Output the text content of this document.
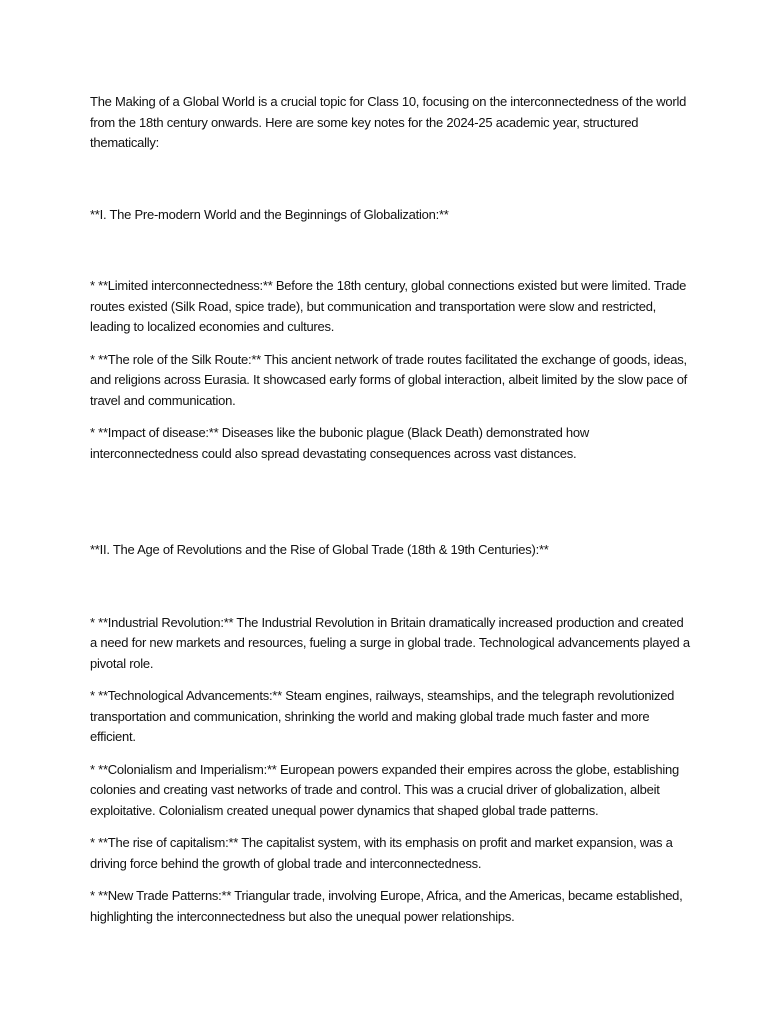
The Making of a Global World is a crucial topic for Class 10, focusing on the interconnectedness of the world from the 18th century onwards. Here are some key notes for the 2024-25 academic year, structured thematically:

**I. The Pre-modern World and the Beginnings of Globalization:**

* **Limited interconnectedness:** Before the 18th century, global connections existed but were limited. Trade routes existed (Silk Road, spice trade), but communication and transportation were slow and restricted, leading to localized economies and cultures.

* **The role of the Silk Route:** This ancient network of trade routes facilitated the exchange of goods, ideas, and religions across Eurasia. It showcased early forms of global interaction, albeit limited by the slow pace of travel and communication.

* **Impact of disease:** Diseases like the bubonic plague (Black Death) demonstrated how interconnectedness could also spread devastating consequences across vast distances.

**II. The Age of Revolutions and the Rise of Global Trade (18th & 19th Centuries):**

* **Industrial Revolution:** The Industrial Revolution in Britain dramatically increased production and created a need for new markets and resources, fueling a surge in global trade. Technological advancements played a pivotal role.

* **Technological Advancements:** Steam engines, railways, steamships, and the telegraph revolutionized transportation and communication, shrinking the world and making global trade much faster and more efficient.

* **Colonialism and Imperialism:** European powers expanded their empires across the globe, establishing colonies and creating vast networks of trade and control. This was a crucial driver of globalization, albeit exploitative. Colonialism created unequal power dynamics that shaped global trade patterns.

* **The rise of capitalism:** The capitalist system, with its emphasis on profit and market expansion, was a driving force behind the growth of global trade and interconnectedness.

* **New Trade Patterns:** Triangular trade, involving Europe, Africa, and the Americas, became established, highlighting the interconnectedness but also the unequal power relationships.
